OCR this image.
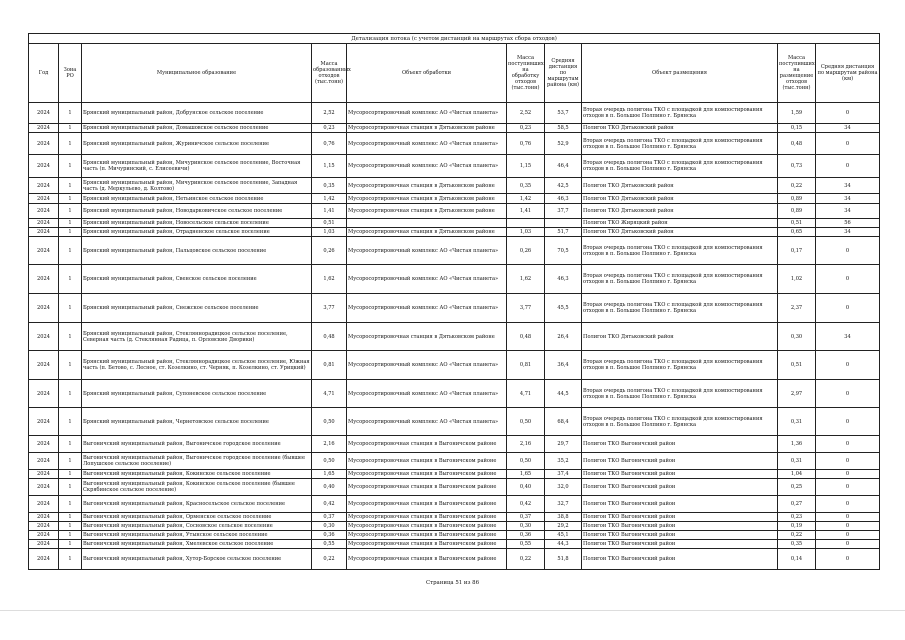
Детализация потока (с учетом дистанций на маршрутах сбора отходов)									
Год	Зона РО	Муниципальное образование	Масса образованных отходов (тыс.тонн)	Объект обработки	Масса поступивших на обработку отходов (тыс.тонн)	Средняя дистанция по маршрутам района (км)	Объект размещения	Масса поступивших на размещение отходов (тыс.тонн)	Средняя дистанция по маршрутам района (км)
2024	1	Брянский муниципальный район, Добрунское сельское поселение	2,52	Мусоросортировочный комплекс АО «Чистая планета»	2,52	53,7	Вторая очередь полигона ТКО с площадкой для компостирования отходов в п. Большое Полпино г. Брянска	1,59	0
2024	1	Брянский муниципальный район, Домашовское сельское поселение	0,23	Мусоросортировочная станция в Дятьковском районе	0,23	58,5	Полигон ТКО Дятьковский район	0,15	34
2024	1	Брянский муниципальный район, Журиничское сельское поселение	0,76	Мусоросортировочный комплекс АО «Чистая планета»	0,76	52,9	Вторая очередь полигона ТКО с площадкой для компостирования отходов в п. Большое Полпино г. Брянска	0,48	0
2024	1	Брянский муниципальный район, Мичуринское сельское поселение, Восточная часть (п. Мичуринский, с. Елисеевичи)	1,15	Мусоросортировочный комплекс АО «Чистая планета»	1,15	46,4	Вторая очередь полигона ТКО с площадкой для компостирования отходов в п. Большое Полпино г. Брянска	0,73	0
2024	1	Брянский муниципальный район, Мичуринское сельское поселение, Западная часть (д. Меркульево, д. Колтово)	0,35	Мусоросортировочная станция в Дятьковском районе	0,35	42,5	Полигон ТКО Дятьковский район	0,22	34
2024	1	Брянский муниципальный район, Нетьинское сельское поселение	1,42	Мусоросортировочная станция в Дятьковском районе	1,42	46,3	Полигон ТКО Дятьковский район	0,89	34
2024	1	Брянский муниципальный район, Новодарковичское сельское поселение	1,41	Мусоросортировочная станция в Дятьковском районе	1,41	37,7	Полигон ТКО Дятьковский район	0,89	34
2024	1	Брянский муниципальный район, Новосельское сельское поселение	0,51				Полигон ТКО Жиряцкий район	0,51	56
2024	1	Брянский муниципальный район, Отрадненское сельское поселение	1,03	Мусоросортировочная станция в Дятьковском районе	1,03	51,7	Полигон ТКО Дятьковский район	0,65	34
2024	1	Брянский муниципальный район, Пальцовское сельское поселение	0,26	Мусоросортировочный комплекс АО «Чистая планета»	0,26	70,5	Вторая очередь полигона ТКО с площадкой для компостирования отходов в п. Большое Полпино г. Брянска	0,17	0
2024	1	Брянский муниципальный район, Свенское сельское поселение	1,62	Мусоросортировочный комплекс АО «Чистая планета»	1,62	46,3	Вторая очередь полигона ТКО с площадкой для компостирования отходов в п. Большое Полпино г. Брянска	1,02	0
2024	1	Брянский муниципальный район, Снежское сельское поселение	3,77	Мусоросортировочный комплекс АО «Чистая планета»	3,77	45,5	Вторая очередь полигона ТКО с площадкой для компостирования отходов в п. Большое Полпино г. Брянска	2,37	0
2024	1	Брянский муниципальный район, Стекляннорадицкое сельское поселение, Северная часть (д. Стеклянная Радица, п. Орловские Дворики)	0,48	Мусоросортировочная станция в Дятьковском районе	0,48	26,4	Полигон ТКО Дятьковский район	0,30	34
2024	1	Брянский муниципальный район, Стекляннорадицкое сельское поселение, Южная часть (п. Бетово, с. Лесное, ст. Козелкино, ст. Черняк, п. Козелкино, ст. Урицкий)	0,81	Мусоросортировочный комплекс АО «Чистая планета»	0,81	36,4	Вторая очередь полигона ТКО с площадкой для компостирования отходов в п. Большое Полпино г. Брянска	0,51	0
2024	1	Брянский муниципальный район, Супоневское сельское поселение	4,71	Мусоросортировочный комплекс АО «Чистая планета»	4,71	44,5	Вторая очередь полигона ТКО с площадкой для компостирования отходов в п. Большое Полпино г. Брянска	2,97	0
2024	1	Брянский муниципальный район, Чернетовское сельское поселение	0,50	Мусоросортировочный комплекс АО «Чистая планета»	0,50	68,4	Вторая очередь полигона ТКО с площадкой для компостирования отходов в п. Большое Полпино г. Брянска	0,31	0
2024	1	Выгоничский муниципальный район, Выгоничское городское поселение	2,16	Мусоросортировочная станция в Выгоничском районе	2,16	29,7	Полигон ТКО Выгоничский район	1,36	0
2024	1	Выгоничский муниципальный район, Выгоничское городское поселение (бывшее Лопушское сельское поселение)	0,50	Мусоросортировочная станция в Выгоничском районе	0,50	35,2	Полигон ТКО Выгоничский район	0,31	0
2024	1	Выгоничский муниципальный район, Кокинское сельское поселение	1,65	Мусоросортировочная станция в Выгоничском районе	1,65	37,4	Полигон ТКО Выгоничский район	1,04	0
2024	1	Выгоничский муниципальный район, Кокинское сельское поселение (бывшее Скрябинское сельское поселение)	0,40	Мусоросортировочная станция в Выгоничском районе	0,40	32,0	Полигон ТКО Выгоничский район	0,25	0
2024	1	Выгоничский муниципальный район, Красносельское сельское поселение	0,42	Мусоросортировочная станция в Выгоничском районе	0,42	32,7	Полигон ТКО Выгоничский район	0,27	0
2024	1	Выгоничский муниципальный район, Орменское сельское поселение	0,37	Мусоросортировочная станция в Выгоничском районе	0,37	38,8	Полигон ТКО Выгоничский район	0,23	0
2024	1	Выгоничский муниципальный район, Сосновское сельское поселение	0,30	Мусоросортировочная станция в Выгоничском районе	0,30	29,2	Полигон ТКО Выгоничский район	0,19	0
2024	1	Выгоничский муниципальный район, Утынское сельское поселение	0,36	Мусоросортировочная станция в Выгоничском районе	0,36	45,1	Полигон ТКО Выгоничский район	0,22	0
2024	1	Выгоничский муниципальный район, Хмелевское сельское поселение	0,55	Мусоросортировочная станция в Выгоничском районе	0,55	44,3	Полигон ТКО Выгоничский район	0,35	0
2024	1	Выгоничский муниципальный район, Хутор-Борское сельское поселение	0,22	Мусоросортировочная станция в Выгоничском районе	0,22	51,8	Полигон ТКО Выгоничский район	0,14	0
Страница 51 из 86
